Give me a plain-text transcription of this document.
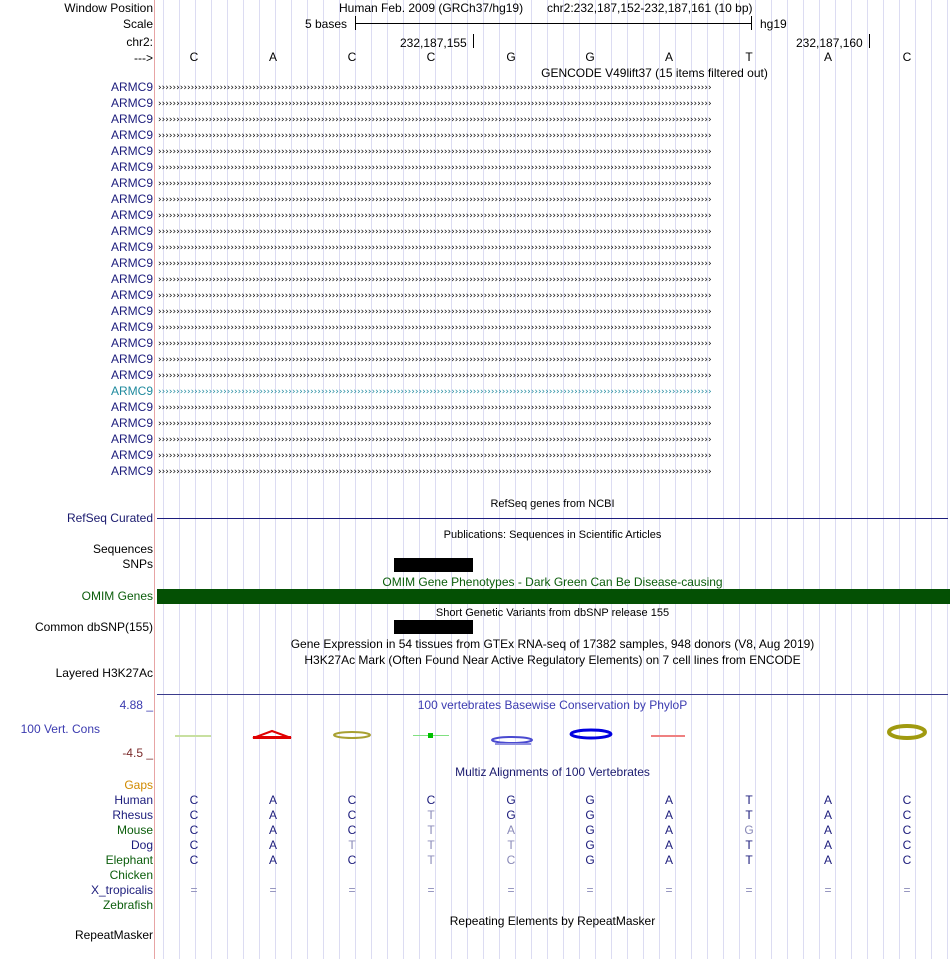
Window Position	Human Feb. 2009 (GRCh37/hg19) chr2:232,187,152-232,187,161 (10 bp)
Scale	5 bases	hg19
chr2:	232,187,155	232,187,160
--->	C	A	C	C	G	G	A	T	A	C
GENCODE V49lift37 (15 items filtered out)
ARMC9 ›››››››››››››››››››››››››››››››››››››››››››››››››››››››››››››››››››››››››››››››››››››››››››››››››››››››››››››››››››››››››››››››››››››››››››››››››››››››››
ARMC9 ›››››››››››››››››››››››››››››››››››››››››››››››››››››››››››››››››››››››››››››››››››››››››››››››››››››››››››››››››››››››››››››››››››››››››››››››››››››››››
ARMC9 ›››››››››››››››››››››››››››››››››››››››››››››››››››››››››››››››››››››››››››››››››››››››››››››››››››››››››››››››››››››››››››››››››››››››››››››››››››››››››
ARMC9 ›››››››››››››››››››››››››››››››››››››››››››››››››››››››››››››››››››››››››››››››››››››››››››››››››››››››››››››››››››››››››››››››››››››››››››››››››››››››››
ARMC9 ›››››››››››››››››››››››››››››››››››››››››››››››››››››››››››››››››››››››››››››››››››››››››››››››››››››››››››››››››››››››››››››››››››››››››››››››››››››››››
ARMC9 ›››››››››››››››››››››››››››››››››››››››››››››››››››››››››››››››››››››››››››››››››››››››››››››››››››››››››››››››››››››››››››››››››››››››››››››››››››››››››
ARMC9 ›››››››››››››››››››››››››››››››››››››››››››››››››››››››››››››››››››››››››››››››››››››››››››››››››››››››››››››››››››››››››››››››››››››››››››››››››››››››››
ARMC9 ›››››››››››››››››››››››››››››››››››››››››››››››››››››››››››››››››››››››››››››››››››››››››››››››››››››››››››››››››››››››››››››››››››››››››››››››››››››››››
ARMC9 ›››››››››››››››››››››››››››››››››››››››››››››››››››››››››››››››››››››››››››››››››››››››››››››››››››››››››››››››››››››››››››››››››››››››››››››››››››››››››
ARMC9 ›››››››››››››››››››››››››››››››››››››››››››››››››››››››››››››››››››››››››››››››››››››››››››››››››››››››››››››››››››››››››››››››››››››››››››››››››››››››››
ARMC9 ›››››››››››››››››››››››››››››››››››››››››››››››››››››››››››››››››››››››››››››››››››››››››››››››››››››››››››››››››››››››››››››››››››››››››››››››››››››››››
ARMC9 ›››››››››››››››››››››››››››››››››››››››››››››››››››››››››››››››››››››››››››››››››››››››››››››››››››››››››››››››››››››››››››››››››››››››››››››››››››››››››
ARMC9 ›››››››››››››››››››››››››››››››››››››››››››››››››››››››››››››››››››››››››››››››››››››››››››››››››››››››››››››››››››››››››››››››››››››››››››››››››››››››››
ARMC9 ›››››››››››››››››››››››››››››››››››››››››››››››››››››››››››››››››››››››››››››››››››››››››››››››››››››››››››››››››››››››››››››››››››››››››››››››››››››››››
ARMC9 ›››››››››››››››››››››››››››››››››››››››››››››››››››››››››››››››››››››››››››››››››››››››››››››››››››››››››››››››››››››››››››››››››››››››››››››››››››››››››
ARMC9 ›››››››››››››››››››››››››››››››››››››››››››››››››››››››››››››››››››››››››››››››››››››››››››››››››››››››››››››››››››››››››››››››››››››››››››››››››››››››››
ARMC9 ›››››››››››››››››››››››››››››››››››››››››››››››››››››››››››››››››››››››››››››››››››››››››››››››››››››››››››››››››››››››››››››››››››››››››››››››››››››››››
ARMC9 ›››››››››››››››››››››››››››››››››››››››››››››››››››››››››››››››››››››››››››››››››››››››››››››››››››››››››››››››››››››››››››››››››››››››››››››››››››››››››
ARMC9 ›››››››››››››››››››››››››››››››››››››››››››››››››››››››››››››››››››››››››››››››››››››››››››››››››››››››››››››››››››››››››››››››››››››››››››››››››››››››››
ARMC9 ›››››››››››››››››››››››››››››››››››››››››››››››››››››››››››››››››››››››››››››››››››››››››››››››››››››››››››››››››››››››››››››››››››››››››››››››››››››››››
ARMC9 ›››››››››››››››››››››››››››››››››››››››››››››››››››››››››››››››››››››››››››››››››››››››››››››››››››››››››››››››››››››››››››››››››››››››››››››››››››››››››
ARMC9 ›››››››››››››››››››››››››››››››››››››››››››››››››››››››››››››››››››››››››››››››››››››››››››››››››››››››››››››››››››››››››››››››››››››››››››››››››››››››››
ARMC9 ›››››››››››››››››››››››››››››››››››››››››››››››››››››››››››››››››››››››››››››››››››››››››››››››››››››››››››››››››››››››››››››››››››››››››››››››››››››››››
ARMC9 ›››››››››››››››››››››››››››››››››››››››››››››››››››››››››››››››››››››››››››››››››››››››››››››››››››››››››››››››››››››››››››››››››››››››››››››››››››››››››
ARMC9 ›››››››››››››››››››››››››››››››››››››››››››››››››››››››››››››››››››››››››››››››››››››››››››››››››››››››››››››››››››››››››››››››››››››››››››››››››››››››››
RefSeq genes from NCBI
RefSeq Curated
Publications: Sequences in Scientific Articles
Sequences
SNPs
OMIM Gene Phenotypes - Dark Green Can Be Disease-causing
OMIM Genes
Short Genetic Variants from dbSNP release 155
Common dbSNP(155)
Gene Expression in 54 tissues from GTEx RNA-seq of 17382 samples, 948 donors (V8, Aug 2019)
H3K27Ac Mark (Often Found Near Active Regulatory Elements) on 7 cell lines from ENCODE
Layered H3K27Ac
100 vertebrates Basewise Conservation by PhyloP
4.88 _
100 Vert. Cons
-4.5 _
Multiz Alignments of 100 Vertebrates
Gaps
Human	C	A	C	C	G	G	A	T	A	C
Rhesus	C	A	C	T	G	G	A	T	A	C
Mouse	C	A	C	T	A	G	A	G	A	C
Dog	C	A	T	T	T	G	A	T	A	C
Elephant	C	A	C	T	C	G	A	T	A	C
Chicken
X_tropicalis	=	=	=	=	=	=	=	=	=	=
Zebrafish
Repeating Elements by RepeatMasker
RepeatMasker
